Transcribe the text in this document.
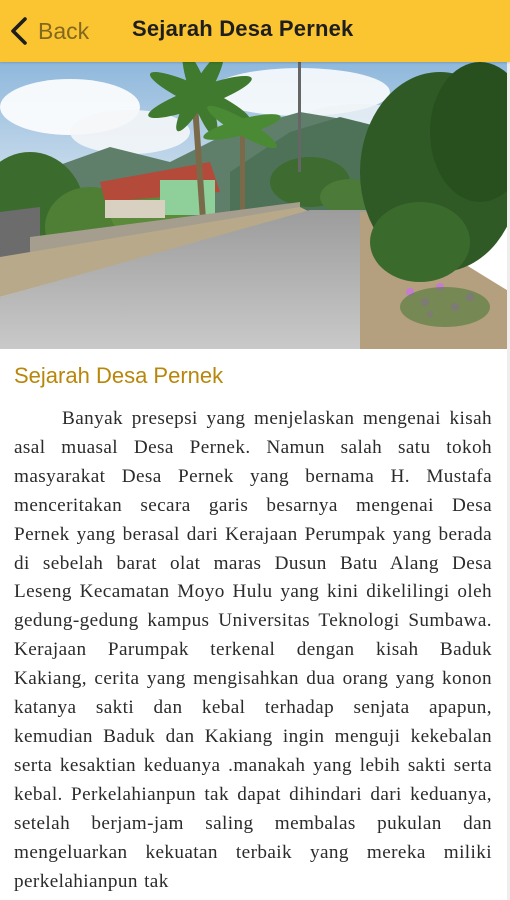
Back Sejarah Desa Pernek
Sejarah Desa Pernek

Banyak presepsi yang menjelaskan mengenai kisah asal muasal Desa Pernek. Namun salah satu tokoh masyarakat Desa Pernek yang bernama H. Mustafa menceritakan secara garis besarnya mengenai Desa Pernek yang berasal dari Kerajaan Perumpak yang berada di sebelah barat olat maras Dusun Batu Alang Desa Leseng Kecamatan Moyo Hulu yang kini dikelilingi oleh gedung-gedung kampus Universitas Teknologi Sumbawa. Kerajaan Parumpak terkenal dengan kisah Baduk Kakiang, cerita yang mengisahkan dua orang yang konon katanya sakti dan kebal terhadap senjata apapun, kemudian Baduk dan Kakiang ingin menguji kekebalan serta kesaktian keduanya .manakah yang lebih sakti serta kebal. Perkelahianpun tak dapat dihindari dari keduanya, setelah berjam-jam saling membalas pukulan dan mengeluarkan kekuatan terbaik yang mereka miliki perkelahianpun tak
